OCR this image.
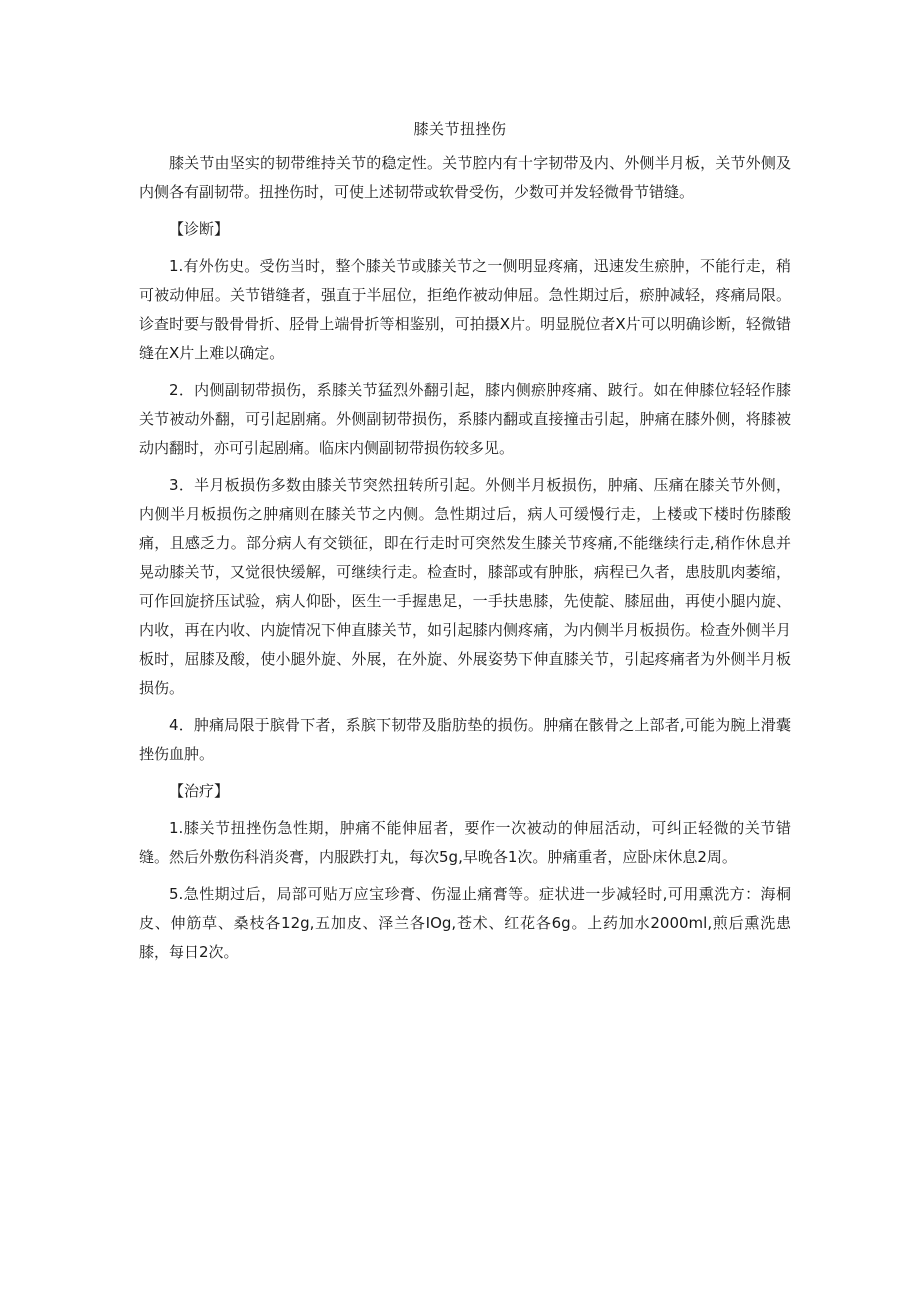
膝关节扭挫伤

膝关节由坚实的韧带维持关节的稳定性。关节腔内有十字韧带及内、外侧半月板，关节外侧及内侧各有副韧带。扭挫伤时，可使上述韧带或软骨受伤，少数可并发轻微骨节错缝。

【诊断】

1.有外伤史。受伤当时，整个膝关节或膝关节之一侧明显疼痛，迅速发生瘀肿，不能行走，稍可被动伸屈。关节错缝者，强直于半屈位，拒绝作被动伸屈。急性期过后，瘀肿减轻，疼痛局限。诊查时要与骰骨骨折、胫骨上端骨折等相鉴别，可拍摄X片。明显脱位者X片可以明确诊断，轻微错缝在X片上难以确定。

2．内侧副韧带损伤，系膝关节猛烈外翻引起，膝内侧瘀肿疼痛、跛行。如在伸膝位轻轻作膝关节被动外翻，可引起剧痛。外侧副韧带损伤，系膝内翻或直接撞击引起，肿痛在膝外侧，将膝被动内翻时，亦可引起剧痛。临床内侧副韧带损伤较多见。

3．半月板损伤多数由膝关节突然扭转所引起。外侧半月板损伤，肿痛、压痛在膝关节外侧，内侧半月板损伤之肿痛则在膝关节之内侧。急性期过后，病人可缓慢行走，上楼或下楼时伤膝酸痛，且感乏力。部分病人有交锁征，即在行走时可突然发生膝关节疼痛,不能继续行走,稍作休息并晃动膝关节，又觉很快缓解，可继续行走。检查时，膝部或有肿胀，病程已久者，患肢肌肉萎缩，可作回旋挤压试验，病人仰卧，医生一手握患足，一手扶患膝，先使靛、膝屈曲，再使小腿内旋、内收，再在内收、内旋情况下伸直膝关节，如引起膝内侧疼痛，为内侧半月板损伤。检查外侧半月板时，屈膝及酸，使小腿外旋、外展，在外旋、外展姿势下伸直膝关节，引起疼痛者为外侧半月板损伤。

4．肿痛局限于膑骨下者，系膑下韧带及脂肪垫的损伤。肿痛在骸骨之上部者,可能为腕上滑囊挫伤血肿。

【治疗】

1.膝关节扭挫伤急性期，肿痛不能伸屈者，要作一次被动的伸屈活动，可纠正轻微的关节错缝。然后外敷伤科消炎膏，内服跌打丸，每次5g,早晚各1次。肿痛重者，应卧床休息2周。

5.急性期过后，局部可贴万应宝珍膏、伤湿止痛膏等。症状进一步减轻时,可用熏洗方：海桐皮、伸筋草、桑枝各12g,五加皮、泽兰各IOg,苍术、红花各6g。上药加水2000ml,煎后熏洗患膝，每日2次。
